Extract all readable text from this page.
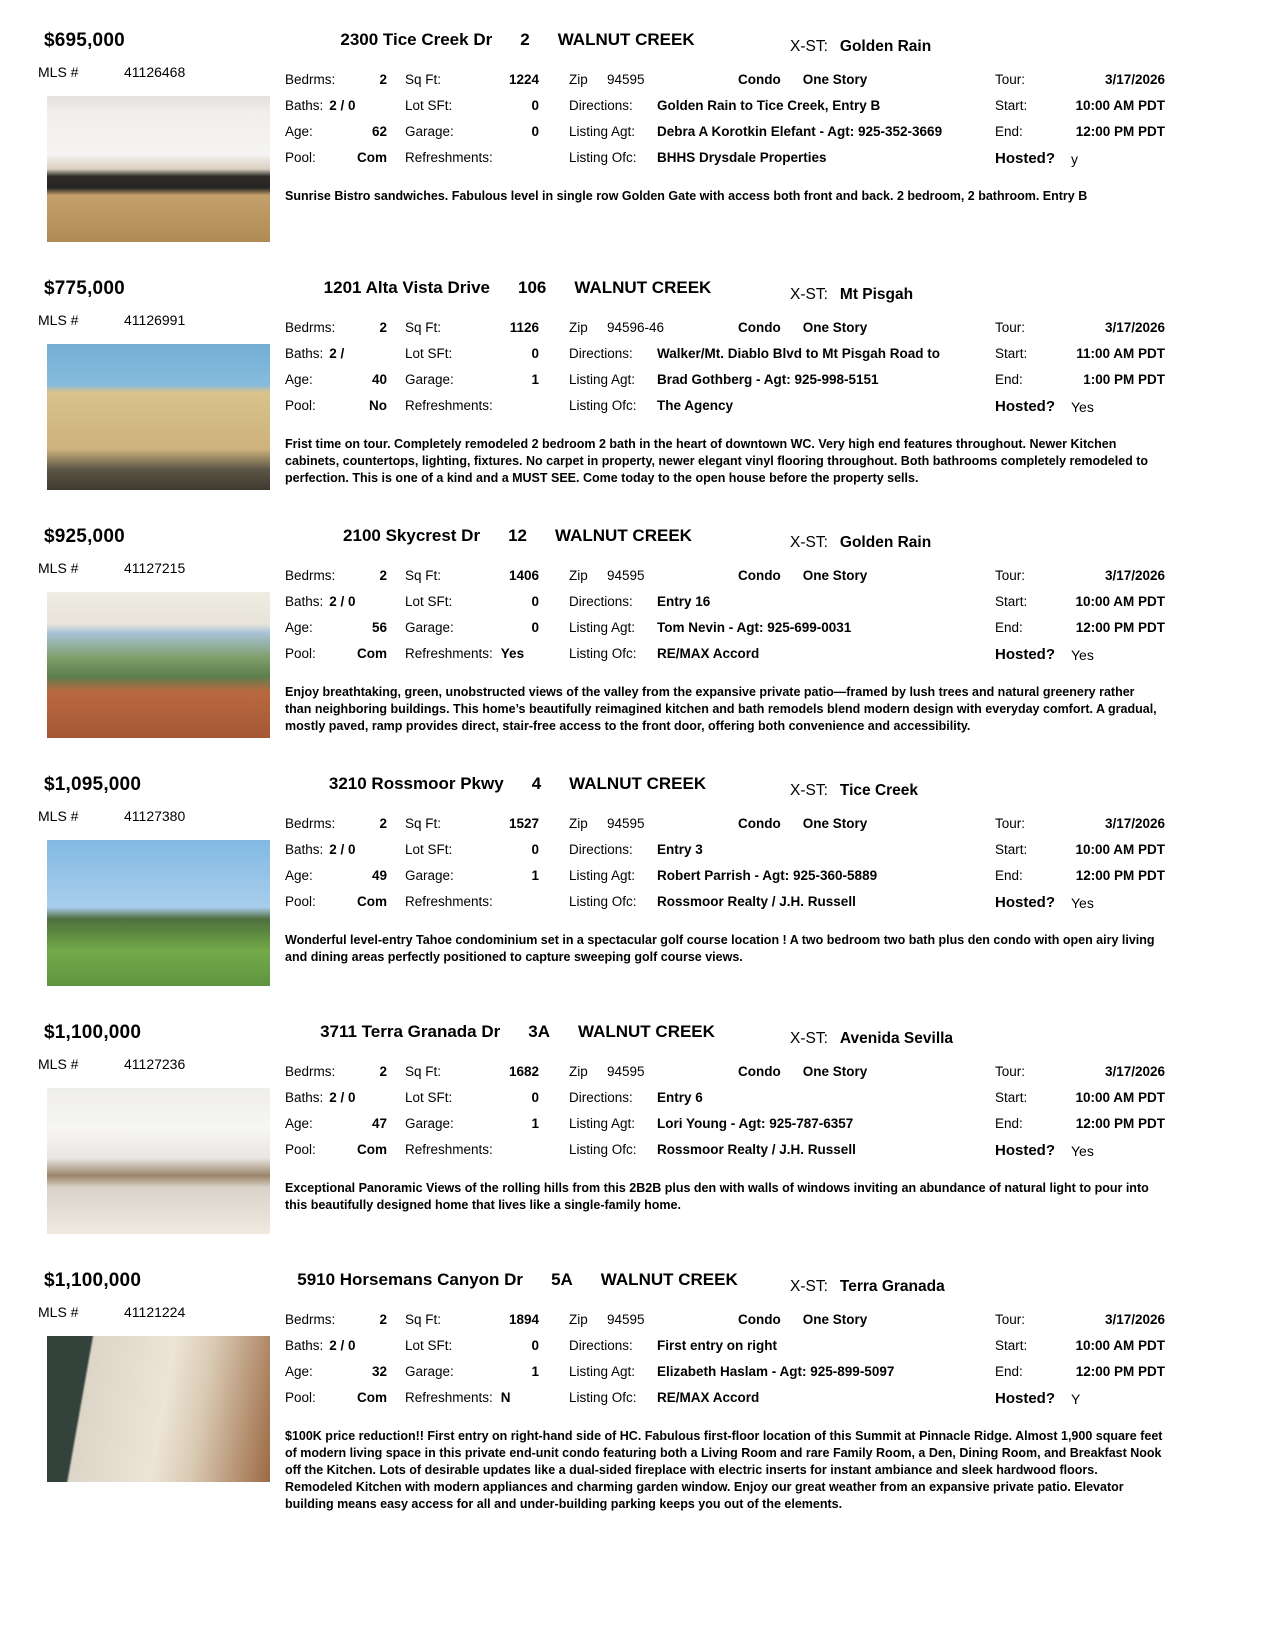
$695,000
MLS #	41126468
2300 Tice Creek Dr 2 WALNUT CREEK	X-ST: Golden Rain
Bedrms:	2 Sq Ft:	1224 Zip	94595	Condo One Story
Baths: 2 / 0	Lot SFt:	0 Directions:	Golden Rain to Tice Creek, Entry B
Age:	62 Garage:	0 Listing Agt:	Debra A Korotkin Elefant - Agt: 925-352-3669
Pool:	Com Refreshments:	Listing Ofc:	BHHS Drysdale Properties
Tour:	3/17/2026
Start:	10:00 AM PDT
End:	12:00 PM PDT
Hosted? y
Sunrise Bistro sandwiches. Fabulous level in single row Golden Gate with access both front and back. 2 bedroom, 2 bathroom. Entry B
$775,000
MLS #	41126991
1201 Alta Vista Drive 106 WALNUT CREEK	X-ST: Mt Pisgah
Bedrms:	2 Sq Ft:	1126 Zip	94596-46	Condo One Story
Baths: 2 /	Lot SFt:	0 Directions:	Walker/Mt. Diablo Blvd to Mt Pisgah Road to
Age:	40 Garage:	1 Listing Agt:	Brad Gothberg - Agt: 925-998-5151
Pool:	No Refreshments:	Listing Ofc:	The Agency
Tour:	3/17/2026
Start:	11:00 AM PDT
End:	1:00 PM PDT
Hosted? Yes
Frist time on tour. Completely remodeled 2 bedroom 2 bath in the heart of downtown WC. Very high end features throughout. Newer Kitchen cabinets, countertops, lighting, fixtures. No carpet in property, newer elegant vinyl flooring throughout. Both bathrooms completely remodeled to perfection. This is one of a kind and a MUST SEE. Come today to the open house before the property sells.
$925,000
MLS #	41127215
2100 Skycrest Dr 12 WALNUT CREEK	X-ST: Golden Rain
Bedrms:	2 Sq Ft:	1406 Zip	94595	Condo One Story
Baths: 2 / 0	Lot SFt:	0 Directions:	Entry 16
Age:	56 Garage:	0 Listing Agt:	Tom Nevin - Agt: 925-699-0031
Pool:	Com Refreshments: Yes	Listing Ofc:	RE/MAX Accord
Tour:	3/17/2026
Start:	10:00 AM PDT
End:	12:00 PM PDT
Hosted? Yes
Enjoy breathtaking, green, unobstructed views of the valley from the expansive private patio—framed by lush trees and natural greenery rather than neighboring buildings. This home’s beautifully reimagined kitchen and bath remodels blend modern design with everyday comfort. A gradual, mostly paved, ramp provides direct, stair-free access to the front door, offering both convenience and accessibility.
$1,095,000
MLS #	41127380
3210 Rossmoor Pkwy 4 WALNUT CREEK	X-ST: Tice Creek
Bedrms:	2 Sq Ft:	1527 Zip	94595	Condo One Story
Baths: 2 / 0	Lot SFt:	0 Directions:	Entry 3
Age:	49 Garage:	1 Listing Agt:	Robert Parrish - Agt: 925-360-5889
Pool:	Com Refreshments:	Listing Ofc:	Rossmoor Realty / J.H. Russell
Tour:	3/17/2026
Start:	10:00 AM PDT
End:	12:00 PM PDT
Hosted? Yes
Wonderful level-entry Tahoe condominium set in a spectacular golf course location ! A two bedroom two bath plus den condo with open airy living and dining areas perfectly positioned to capture sweeping golf course views.
$1,100,000
MLS #	41127236
3711 Terra Granada Dr 3A WALNUT CREEK	X-ST: Avenida Sevilla
Bedrms:	2 Sq Ft:	1682 Zip	94595	Condo One Story
Baths: 2 / 0	Lot SFt:	0 Directions:	Entry 6
Age:	47 Garage:	1 Listing Agt:	Lori Young - Agt: 925-787-6357
Pool:	Com Refreshments:	Listing Ofc:	Rossmoor Realty / J.H. Russell
Tour:	3/17/2026
Start:	10:00 AM PDT
End:	12:00 PM PDT
Hosted? Yes
Exceptional Panoramic Views of the rolling hills from this 2B2B plus den with walls of windows inviting an abundance of natural light to pour into this beautifully designed home that lives like a single-family home.
$1,100,000
MLS #	41121224
5910 Horsemans Canyon Dr 5A WALNUT CREEK	X-ST: Terra Granada
Bedrms:	2 Sq Ft:	1894 Zip	94595	Condo One Story
Baths: 2 / 0	Lot SFt:	0 Directions:	First entry on right
Age:	32 Garage:	1 Listing Agt:	Elizabeth Haslam - Agt: 925-899-5097
Pool:	Com Refreshments: N	Listing Ofc:	RE/MAX Accord
Tour:	3/17/2026
Start:	10:00 AM PDT
End:	12:00 PM PDT
Hosted? Y
$100K price reduction!! First entry on right-hand side of HC. Fabulous first-floor location of this Summit at Pinnacle Ridge. Almost 1,900 square feet of modern living space in this private end-unit condo featuring both a Living Room and rare Family Room, a Den, Dining Room, and Breakfast Nook off the Kitchen. Lots of desirable updates like a dual-sided fireplace with electric inserts for instant ambiance and sleek hardwood floors. Remodeled Kitchen with modern appliances and charming garden window. Enjoy our great weather from an expansive private patio. Elevator building means easy access for all and under-building parking keeps you out of the elements.
